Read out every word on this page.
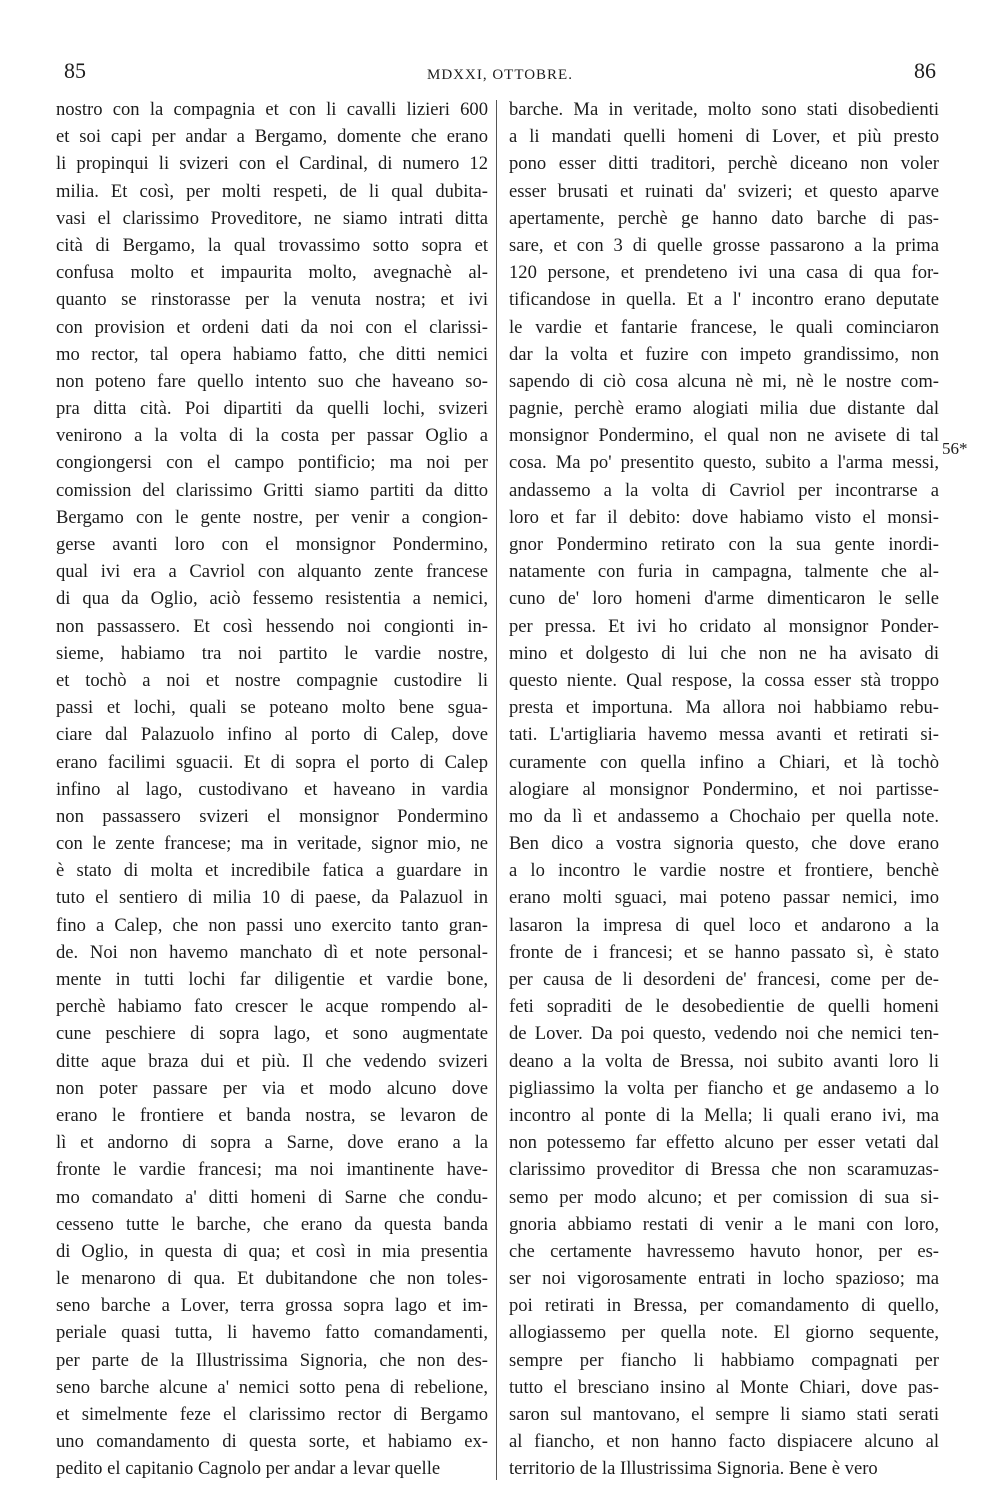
85	MDXXI, OTTOBRE.	86
nostro con la compagnia et con li cavalli lizieri 600
et soi capi per andar a Bergamo, domente che erano
li propinqui li svizeri con el Cardinal, di numero 12
milia. Et così, per molti respeti, de li qual dubita-
vasi el clarissimo Proveditore, ne siamo intrati ditta
cità di Bergamo, la qual trovassimo sotto sopra et
confusa molto et impaurita molto, avegnachè al-
quanto se rinstorasse per la venuta nostra; et ivi
con provision et ordeni dati da noi con el clarissi-
mo rector, tal opera habiamo fatto, che ditti nemici
non poteno fare quello intento suo che haveano so-
pra ditta cità. Poi dipartiti da quelli lochi, svizeri
venirono a la volta di la costa per passar Oglio a
congiongersi con el campo pontificio; ma noi per
comission del clarissimo Gritti siamo partiti da ditto
Bergamo con le gente nostre, per venir a congion-
gerse avanti loro con el monsignor Pondermino,
qual ivi era a Cavriol con alquanto zente francese
di qua da Oglio, aciò fessemo resistentia a nemici,
non passassero. Et così hessendo noi congionti in-
sieme, habiamo tra noi partito le vardie nostre,
et tochò a noi et nostre compagnie custodire li
passi et lochi, quali se poteano molto bene sgua-
ciare dal Palazuolo infino al porto di Calep, dove
erano facilimi sguacii. Et di sopra el porto di Calep
infino al lago, custodivano et haveano in vardia
non passassero svizeri el monsignor Pondermino
con le zente francese; ma in veritade, signor mio, ne
è stato di molta et incredibile fatica a guardare in
tuto el sentiero di milia 10 di paese, da Palazuol in
fino a Calep, che non passi uno exercito tanto gran-
de. Noi non havemo manchato dì et note personal-
mente in tutti lochi far diligentie et vardie bone,
perchè habiamo fato crescer le acque rompendo al-
cune peschiere di sopra lago, et sono augmentate
ditte aque braza dui et più. Il che vedendo svizeri
non poter passare per via et modo alcuno dove
erano le frontiere et banda nostra, se levaron de
lì et andorno di sopra a Sarne, dove erano a la
fronte le vardie francesi; ma noi imantinente have-
mo comandato a' ditti homeni di Sarne che condu-
cesseno tutte le barche, che erano da questa banda
di Oglio, in questa di qua; et così in mia presentia
le menarono di qua. Et dubitandone che non toles-
seno barche a Lover, terra grossa sopra lago et im-
periale quasi tutta, li havemo fatto comandamenti,
per parte de la Illustrissima Signoria, che non des-
seno barche alcune a' nemici sotto pena di rebelione,
et simelmente feze el clarissimo rector di Bergamo
uno comandamento di questa sorte, et habiamo ex-
pedito el capitanio Cagnolo per andar a levar quelle
barche. Ma in veritade, molto sono stati disobedienti
a li mandati quelli homeni di Lover, et più presto
pono esser ditti traditori, perchè diceano non voler
esser brusati et ruinati da' svizeri; et questo aparve
apertamente, perchè ge hanno dato barche di pas-
sare, et con 3 di quelle grosse passarono a la prima
120 persone, et prendeteno ivi una casa di qua for-
tificandose in quella. Et a l' incontro erano deputate
le vardie et fantarie francese, le quali cominciaron
dar la volta et fuzire con impeto grandissimo, non
sapendo di ciò cosa alcuna nè mi, nè le nostre com-
pagnie, perchè eramo alogiati milia due distante dal
monsignor Pondermino, el qual non ne avisete di tal
cosa. Ma po' presentito questo, subito a l'arma messi,
andassemo a la volta di Cavriol per incontrarse a
loro et far il debito: dove habiamo visto el monsi-
gnor Pondermino retirato con la sua gente inordi-
natamente con furia in campagna, talmente che al-
cuno de' loro homeni d'arme dimenticaron le selle
per pressa. Et ivi ho cridato al monsignor Ponder-
mino et dolgesto di lui che non ne ha avisato di
questo niente. Qual respose, la cossa esser stà troppo
presta et importuna. Ma allora noi habbiamo rebu-
tati. L'artigliaria havemo messa avanti et retirati si-
curamente con quella infino a Chiari, et là tochò
alogiare al monsignor Pondermino, et noi partisse-
mo da lì et andassemo a Chochaio per quella note.
Ben dico a vostra signoria questo, che dove erano
a lo incontro le vardie nostre et frontiere, benchè
erano molti sguaci, mai poteno passar nemici, imo
lasaron la impresa di quel loco et andarono a la
fronte de i francesi; et se hanno passato sì, è stato
per causa de li desordeni de' francesi, come per de-
feti sopraditi de le desobedientie de quelli homeni
de Lover. Da poi questo, vedendo noi che nemici ten-
deano a la volta de Bressa, noi subito avanti loro li
pigliassimo la volta per fiancho et ge andasemo a lo
incontro al ponte di la Mella; li quali erano ivi, ma
non potessemo far effetto alcuno per esser vetati dal
clarissimo proveditor di Bressa che non scaramuzas-
semo per modo alcuno; et per comission di sua si-
gnoria abbiamo restati di venir a le mani con loro,
che certamente havressemo havuto honor, per es-
ser noi vigorosamente entrati in locho spazioso; ma
poi retirati in Bressa, per comandamento di quello,
allogiassemo per quella note. El giorno sequente,
sempre per fiancho li habbiamo compagnati per
tutto el bresciano insino al Monte Chiari, dove pas-
saron sul mantovano, el sempre li siamo stati serati
al fiancho, et non hanno facto dispiacere alcuno al
territorio de la Illustrissima Signoria. Bene è vero
56*
